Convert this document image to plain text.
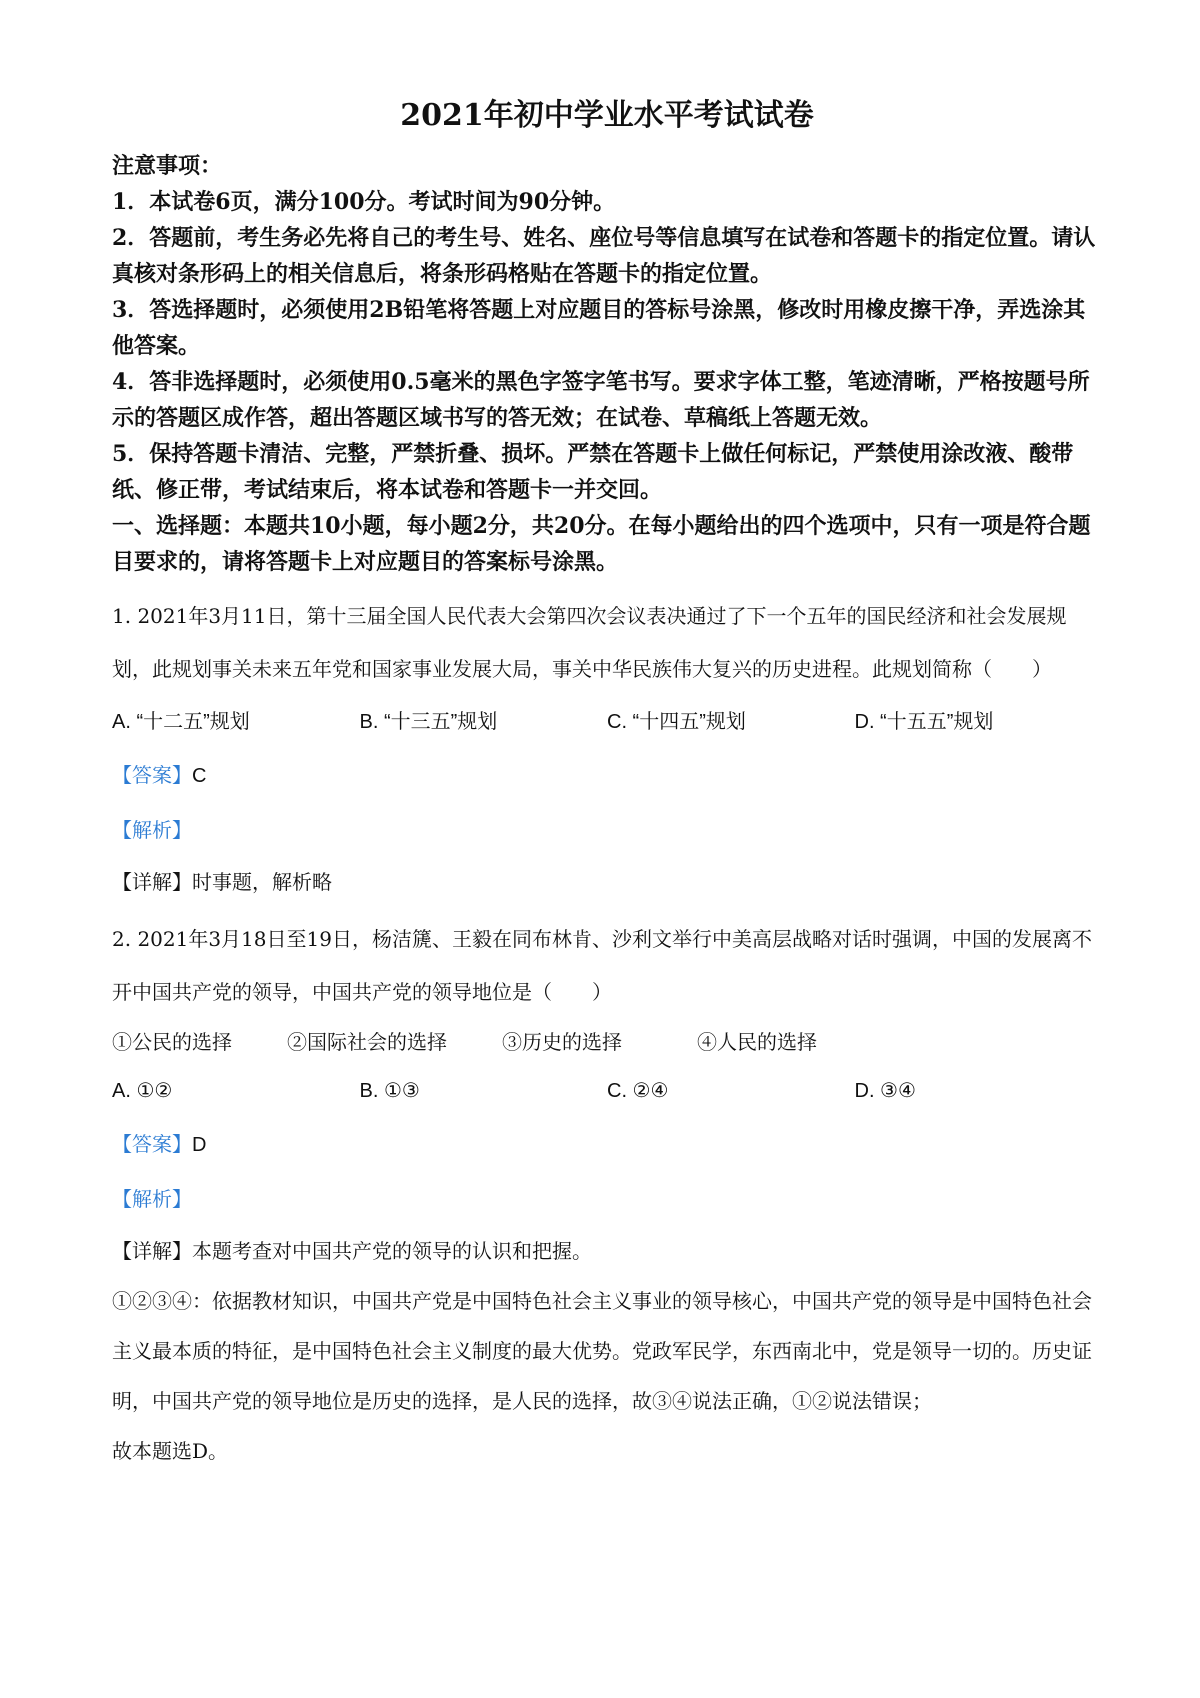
2021年初中学业水平考试试卷

注意事项：

1．本试卷6页，满分100分。考试时间为90分钟。

2．答题前，考生务必先将自己的考生号、姓名、座位号等信息填写在试卷和答题卡的指定位置。请认真核对条形码上的相关信息后，将条形码格贴在答题卡的指定位置。

3．答选择题时，必须使用2B铅笔将答题上对应题目的答标号涂黑，修改时用橡皮擦干净，弄选涂其他答案。

4．答非选择题时，必须使用0.5毫米的黑色字签字笔书写。要求字体工整，笔迹清晰，严格按题号所示的答题区成作答，超出答题区域书写的答无效；在试卷、草稿纸上答题无效。

5．保持答题卡清洁、完整，严禁折叠、损坏。严禁在答题卡上做任何标记，严禁使用涂改液、酸带纸、修正带，考试结束后，将本试卷和答题卡一并交回。

一、选择题：本题共10小题，每小题2分，共20分。在每小题给出的四个选项中，只有一项是符合题目要求的，请将答题卡上对应题目的答案标号涂黑。

1. 2021年3月11日，第十三届全国人民代表大会第四次会议表决通过了下一个五年的国民经济和社会发展规划，此规划事关未来五年党和国家事业发展大局，事关中华民族伟大复兴的历史进程。此规划简称（　　）

A. “十二五”规划	B. “十三五”规划	C. “十四五”规划	D. “十五五”规划
【答案】C
【解析】
【详解】时事题，解析略

2. 2021年3月18日至19日，杨洁篪、王毅在同布林肯、沙利文举行中美高层战略对话时强调，中国的发展离不开中国共产党的领导，中国共产党的领导地位是（　　）

①公民的选择	②国际社会的选择	③历史的选择	④人民的选择
A. ①②	B. ①③	C. ②④	D. ③④
【答案】D
【解析】
【详解】本题考查对中国共产党的领导的认识和把握。

①②③④：依据教材知识，中国共产党是中国特色社会主义事业的领导核心，中国共产党的领导是中国特色社会主义最本质的特征，是中国特色社会主义制度的最大优势。党政军民学，东西南北中，党是领导一切的。历史证明，中国共产党的领导地位是历史的选择，是人民的选择，故③④说法正确，①②说法错误；

故本题选D。
